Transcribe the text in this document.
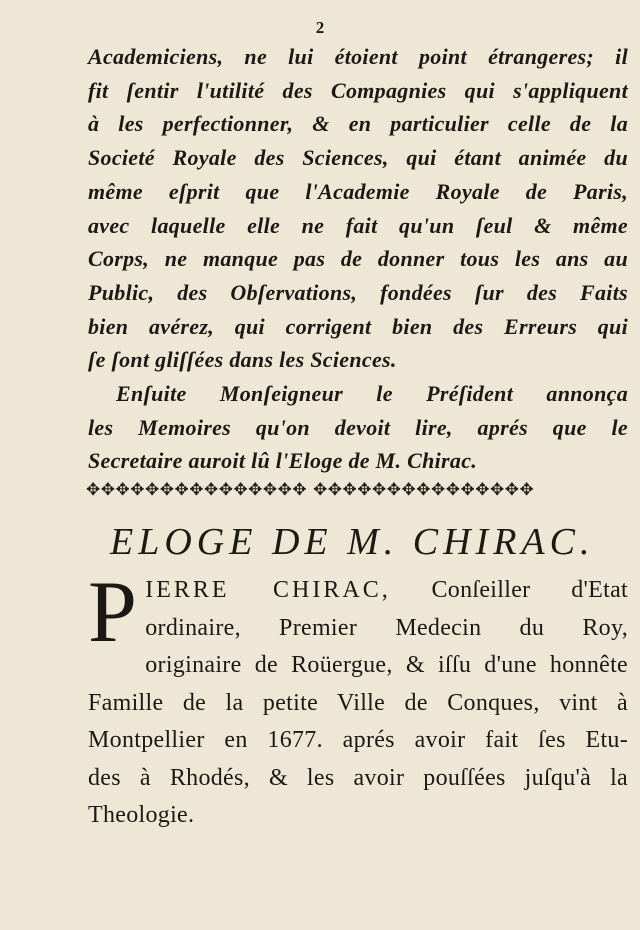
2
Academiciens, ne lui étoient point étrangeres; il
fit ſentir l'utilité des Compagnies qui s'appliquent
à les perfectionner, & en particulier celle de la
Societé Royale des Sciences, qui étant animée du
même eſprit que l'Academie Royale de Paris,
avec laquelle elle ne fait qu'un ſeul & même
Corps, ne manque pas de donner tous les ans au
Public, des Obſervations, fondées ſur des Faits
bien avérez, qui corrigent bien des Erreurs qui
ſe ſont gliſſées dans les Sciences.
Enſuite Monſeigneur le Préſident annonça
les Memoires qu'on devoit lire, aprés que le
Secretaire auroit lû l'Eloge de M. Chirac.
✥✥✥✥✥✥✥✥✥✥✥✥✥✥✥ ✥✥✥✥✥✥✥✥✥✥✥✥✥✥✥
ELOGE DE M. CHIRAC.
P IERRE CHIRAC, Conſeiller d'Etat
ordinaire, Premier Medecin du Roy,
originaire de Roüergue, & iſſu d'une honnête
Famille de la petite Ville de Conques, vint à
Montpellier en 1677. aprés avoir fait ſes Etu-
des à Rhodés, & les avoir pouſſées juſqu'à la
Theologie.
